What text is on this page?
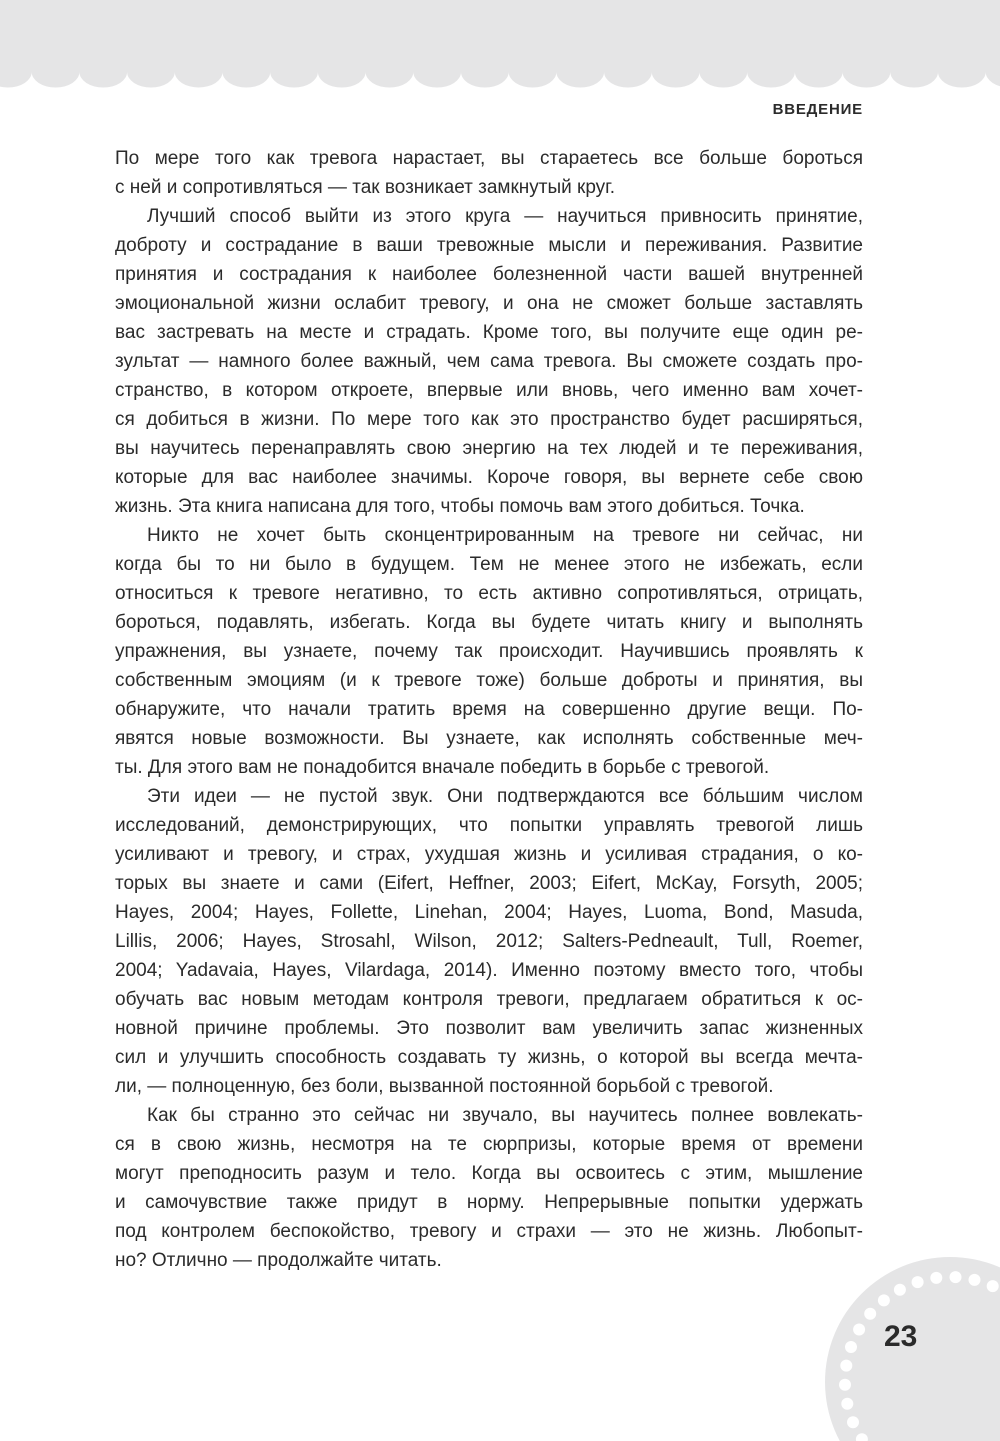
ВВЕДЕНИЕ
По мере того как тревога нарастает, вы стараетесь все больше бороться
с ней и сопротивляться — так возникает замкнутый круг.
Лучший способ выйти из этого круга — научиться привносить принятие,
доброту и сострадание в ваши тревожные мысли и переживания. Развитие
принятия и сострадания к наиболее болезненной части вашей внутренней
эмоциональной жизни ослабит тревогу, и она не сможет больше заставлять
вас застревать на месте и страдать. Кроме того, вы получите еще один ре-
зультат — намного более важный, чем сама тревога. Вы сможете создать про-
странство, в котором откроете, впервые или вновь, чего именно вам хочет-
ся добиться в жизни. По мере того как это пространство будет расширяться,
вы научитесь перенаправлять свою энергию на тех людей и те переживания,
которые для вас наиболее значимы. Короче говоря, вы вернете себе свою
жизнь. Эта книга написана для того, чтобы помочь вам этого добиться. Точка.
Никто не хочет быть сконцентрированным на тревоге ни сейчас, ни
когда бы то ни было в будущем. Тем не менее этого не избежать, если
относиться к тревоге негативно, то есть активно сопротивляться, отрицать,
бороться, подавлять, избегать. Когда вы будете читать книгу и выполнять
упражнения, вы узнаете, почему так происходит. Научившись проявлять к
собственным эмоциям (и к тревоге тоже) больше доброты и принятия, вы
обнаружите, что начали тратить время на совершенно другие вещи. По-
явятся новые возможности. Вы узнаете, как исполнять собственные меч-
ты. Для этого вам не понадобится вначале победить в борьбе с тревогой.
Эти идеи — не пустой звук. Они подтверждаются все бо́льшим числом
исследований, демонстрирующих, что попытки управлять тревогой лишь
усиливают и тревогу, и страх, ухудшая жизнь и усиливая страдания, о ко-
торых вы знаете и сами (Eifert, Heffner, 2003; Eifert, McKay, Forsyth, 2005;
Hayes, 2004; Hayes, Follette, Linehan, 2004; Hayes, Luoma, Bond, Masuda,
Lillis, 2006; Hayes, Strosahl, Wilson, 2012; Salters-Pedneault, Tull, Roemer,
2004; Yadavaia, Hayes, Vilardaga, 2014). Именно поэтому вместо того, чтобы
обучать вас новым методам контроля тревоги, предлагаем обратиться к ос-
новной причине проблемы. Это позволит вам увеличить запас жизненных
сил и улучшить способность создавать ту жизнь, о которой вы всегда мечта-
ли, — полноценную, без боли, вызванной постоянной борьбой с тревогой.
Как бы странно это сейчас ни звучало, вы научитесь полнее вовлекать-
ся в свою жизнь, несмотря на те сюрпризы, которые время от времени
могут преподносить разум и тело. Когда вы освоитесь с этим, мышление
и самочувствие также придут в норму. Непрерывные попытки удержать
под контролем беспокойство, тревогу и страхи — это не жизнь. Любопыт-
но? Отлично — продолжайте читать.
23
